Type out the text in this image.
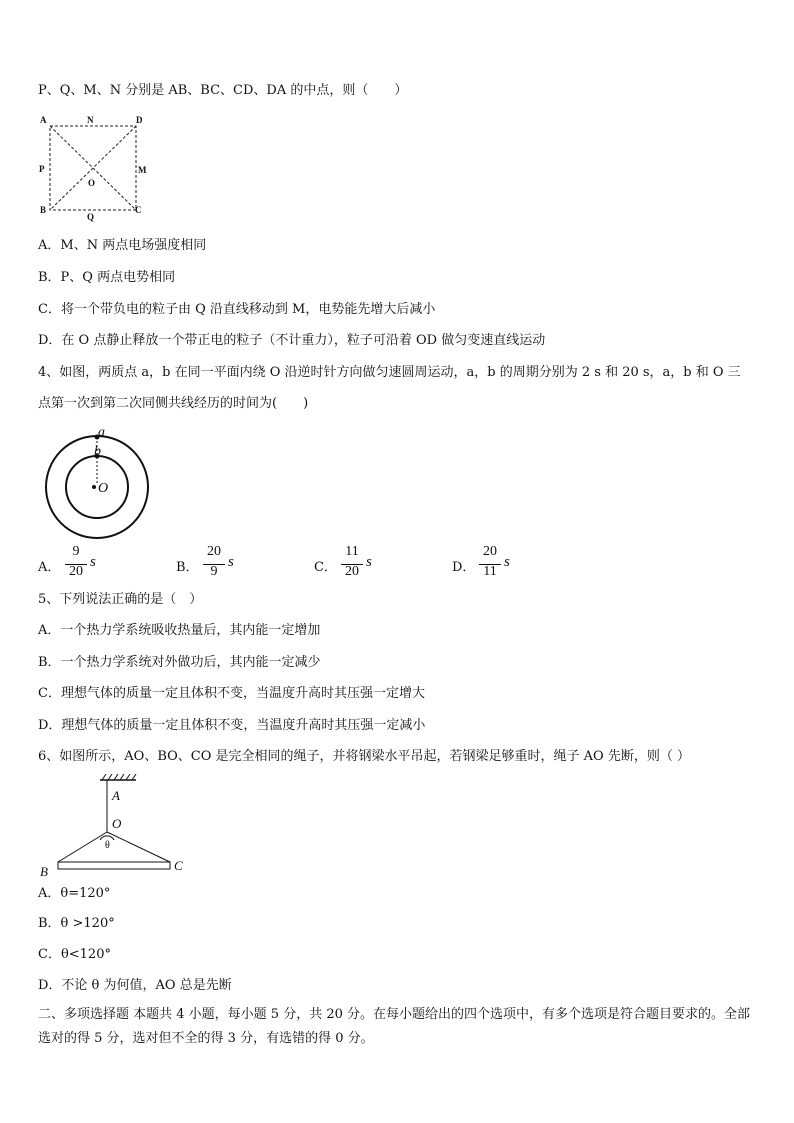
P、Q、M、N 分别是 AB、BC、CD、DA 的中点，则（　　）
A	D
B	C
N
P	M
Q
O
A．M、N 两点电场强度相同
B．P、Q 两点电势相同
C．将一个带负电的粒子由 Q 沿直线移动到 M，电势能先增大后减小
D．在 O 点静止释放一个带正电的粒子（不计重力），粒子可沿着 OD 做匀变速直线运动
4、如图，两质点 a，b 在同一平面内绕 O 沿逆时针方向做匀速圆周运动，a，b 的周期分别为 2 s 和 20 s，a，b 和 O 三
点第一次到第二次同侧共线经历的时间为(　　)
a
b
O
A．
9
20
s	B．
20
9
s	C．
11
20
s	D．
20
11
s
5、下列说法正确的是（　）
A．一个热力学系统吸收热量后，其内能一定增加
B．一个热力学系统对外做功后，其内能一定减少
C．理想气体的质量一定且体积不变，当温度升高时其压强一定增大
D．理想气体的质量一定且体积不变，当温度升高时其压强一定减小
6、如图所示，AO、BO、CO 是完全相同的绳子，并将钢梁水平吊起，若钢梁足够重时，绳子 AO 先断，则（ ）
A
O
θ
B	C
A．θ=120°
B．θ >120°
C．θ<120°
D．不论 θ 为何值，AO 总是先断
二、多项选择题 本题共 4 小题，每小题 5 分，共 20 分。在每小题给出的四个选项中，有多个选项是符合题目要求的。全部选对的得 5 分，选对但不全的得 3 分，有选错的得 0 分。
